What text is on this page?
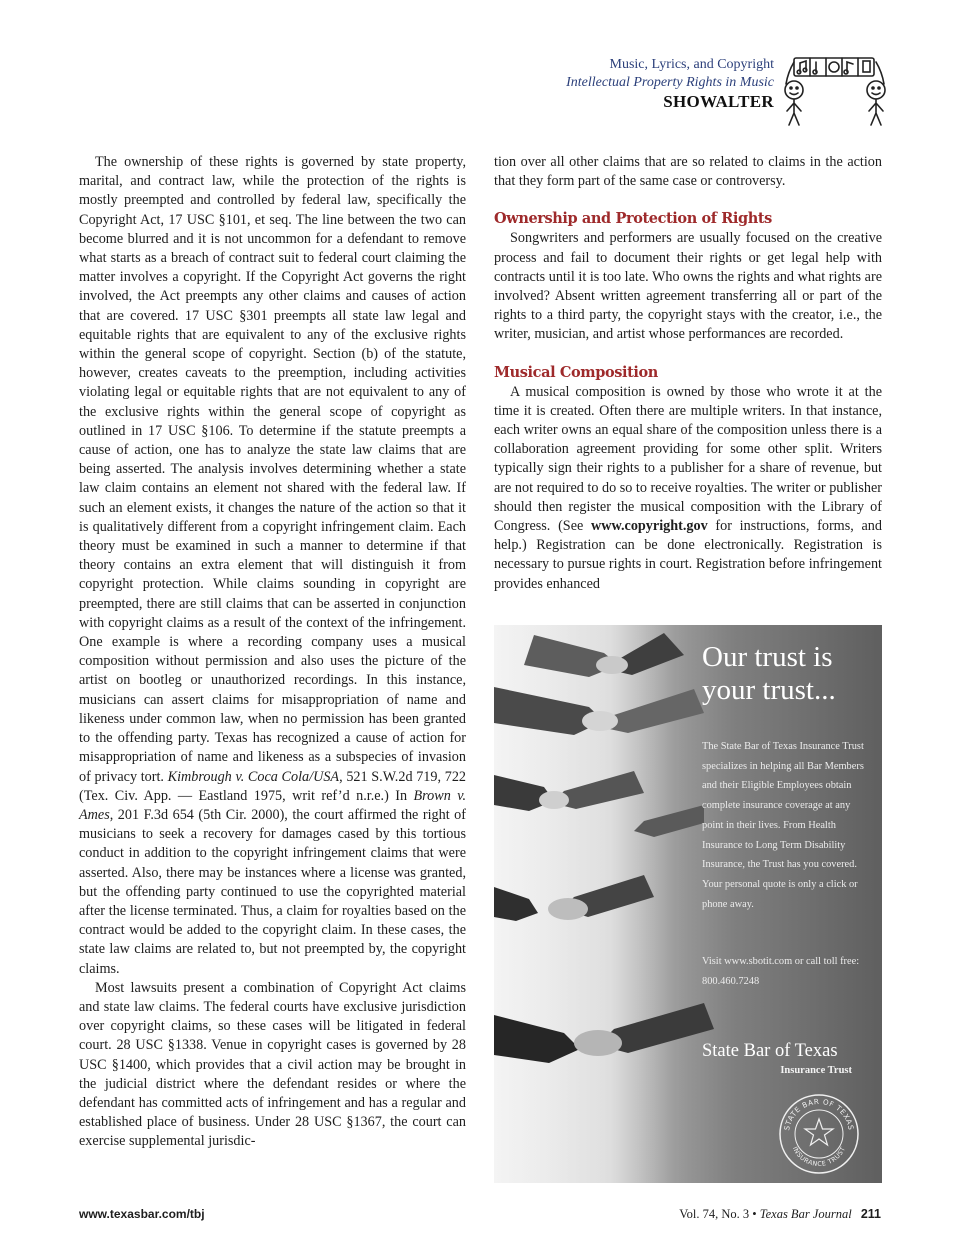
Music, Lyrics, and Copyright
Intellectual Property Rights in Music
SHOWALTER

The ownership of these rights is governed by state property, marital, and contract law, while the protection of the rights is mostly preempted and controlled by federal law, specifically the Copyright Act, 17 USC §101, et seq. The line between the two can become blurred and it is not uncommon for a defendant to remove what starts as a breach of contract suit to federal court claiming the matter involves a copyright. If the Copyright Act governs the right involved, the Act preempts any other claims and causes of action that are covered. 17 USC §301 preempts all state law legal and equitable rights that are equivalent to any of the exclusive rights within the general scope of copyright. Section (b) of the statute, however, creates caveats to the preemption, including activities violating legal or equitable rights that are not equivalent to any of the exclusive rights within the general scope of copyright as outlined in 17 USC §106. To determine if the statute preempts a cause of action, one has to analyze the state law claims that are being asserted. The analysis involves determining whether a state law claim contains an element not shared with the federal law. If such an element exists, it changes the nature of the action so that it is qualitatively different from a copyright infringement claim. Each theory must be examined in such a manner to determine if that theory contains an extra element that will distinguish it from copyright protection. While claims sounding in copyright are preempted, there are still claims that can be asserted in conjunction with copyright claims as a result of the context of the infringement. One example is where a recording company uses a musical composition without permission and also uses the picture of the artist on bootleg or unauthorized recordings. In this instance, musicians can assert claims for misappropriation of name and likeness under common law, when no permission has been granted to the offending party. Texas has recognized a cause of action for misappropriation of name and likeness as a subspecies of invasion of privacy tort. Kimbrough v. Coca Cola/USA, 521 S.W.2d 719, 722 (Tex. Civ. App. — Eastland 1975, writ ref’d n.r.e.) In Brown v. Ames, 201 F.3d 654 (5th Cir. 2000), the court affirmed the right of musicians to seek a recovery for damages cased by this tortious conduct in addition to the copyright infringement claims that were asserted. Also, there may be instances where a license was granted, but the offending party continued to use the copyrighted material after the license terminated. Thus, a claim for royalties based on the contract would be added to the copyright claim. In these cases, the state law claims are related to, but not preempted by, the copyright claims.

Most lawsuits present a combination of Copyright Act claims and state law claims. The federal courts have exclusive jurisdiction over copyright claims, so these cases will be litigated in federal court. 28 USC §1338. Venue in copyright cases is governed by 28 USC §1400, which provides that a civil action may be brought in the judicial district where the defendant resides or where the defendant has committed acts of infringement and has a regular and established place of business. Under 28 USC §1367, the court can exercise supplemental jurisdic-

tion over all other claims that are so related to claims in the action that they form part of the same case or controversy.

Ownership and Protection of Rights

Songwriters and performers are usually focused on the creative process and fail to document their rights or get legal help with contracts until it is too late. Who owns the rights and what rights are involved? Absent written agreement transferring all or part of the rights to a third party, the copyright stays with the creator, i.e., the writer, musician, and artist whose performances are recorded.

Musical Composition

A musical composition is owned by those who wrote it at the time it is created. Often there are multiple writers. In that instance, each writer owns an equal share of the composition unless there is a collaboration agreement providing for some other split. Writers typically sign their rights to a publisher for a share of revenue, but are not required to do so to receive royalties. The writer or publisher should then register the musical composition with the Library of Congress. (See www.copyright.gov for instructions, forms, and help.) Registration can be done electronically. Registration is necessary to pursue rights in court. Registration before infringement provides enhanced

Our trust is your trust...
The State Bar of Texas Insurance Trust specializes in helping all Bar Members and their Eligible Employees obtain complete insurance coverage at any point in their lives. From Health Insurance to Long Term Disability Insurance, the Trust has you covered. Your personal quote is only a click or phone away.
Visit www.sbotit.com or call toll free: 800.460.7248
State Bar of Texas
Insurance Trust
STATE BAR OF TEXAS
INSURANCE TRUST
www.texasbar.com/tbj	Vol. 74, No. 3 • Texas Bar Journal 211
